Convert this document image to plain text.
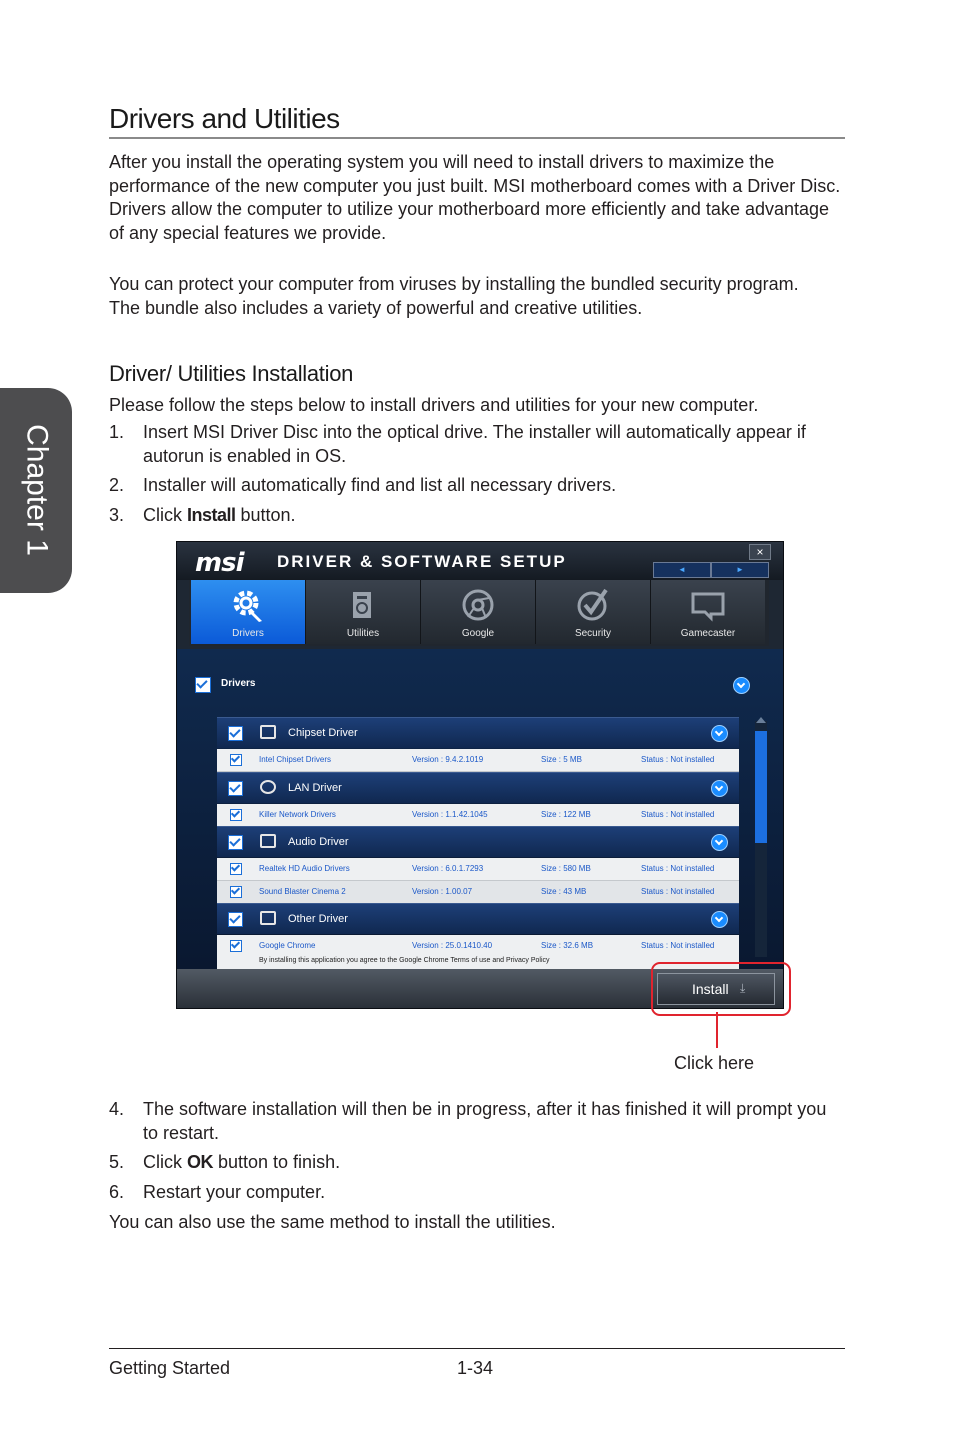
Chapter 1
Drivers and Utilities
After you install the operating system you will need to install drivers to maximize the performance of the new computer you just built. MSI motherboard comes with a Driver Disc. Drivers allow the computer to utilize your motherboard more efficiently and take advantage of any special features we provide.
You can protect your computer from viruses by installing the bundled security program. The bundle also includes a variety of powerful and creative utilities.
Driver/ Utilities Installation
Please follow the steps below to install drivers and utilities for your new computer.
1. Insert MSI Driver Disc into the optical drive. The installer will automatically appear if autorun is enabled in OS.
2. Installer will automatically find and list all necessary drivers.
3. Click Install button.
msi DRIVER & SOFTWARE SETUP	×
◄	►
Drivers	Utilities	Google	Security	Gamecaster
Drivers
Chipset Driver
Intel Chipset Drivers	Version : 9.4.2.1019	Size : 5 MB	Status : Not installed
LAN Driver
Killer Network Drivers	Version : 1.1.42.1045	Size : 122 MB	Status : Not installed
Audio Driver
Realtek HD Audio Drivers	Version : 6.0.1.7293	Size : 580 MB	Status : Not installed
Sound Blaster Cinema 2	Version : 1.00.07	Size : 43 MB	Status : Not installed
Other Driver
Google Chrome	Version : 25.0.1410.40	Size : 32.6 MB	Status : Not installed
By installing this application you agree to the Google Chrome Terms of use and Privacy Policy
Install ⤓
Click here
4. The software installation will then be in progress, after it has finished it will prompt you to restart.
5. Click OK button to finish.
6. Restart your computer.
You can also use the same method to install the utilities.
Getting Started	1-34
